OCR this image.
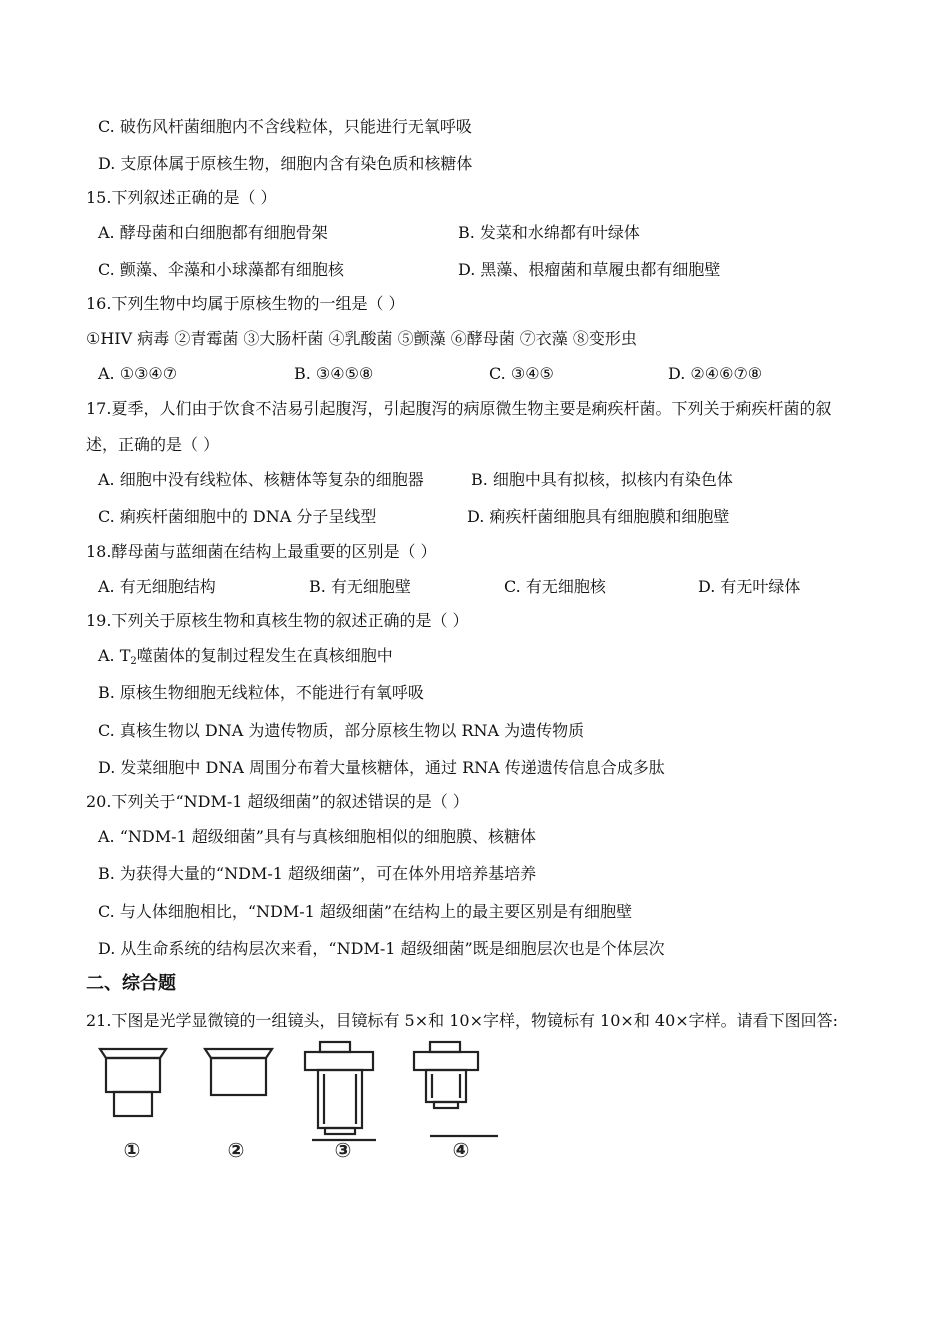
C. 破伤风杆菌细胞内不含线粒体，只能进行无氧呼吸
D. 支原体属于原核生物，细胞内含有染色质和核糖体
15.下列叙述正确的是（ ）
A. 酵母菌和白细胞都有细胞骨架	B. 发菜和水绵都有叶绿体
C. 颤藻、伞藻和小球藻都有细胞核	D. 黑藻、根瘤菌和草履虫都有细胞壁
16.下列生物中均属于原核生物的一组是（ ）
①HIV 病毒 ②青霉菌 ③大肠杆菌 ④乳酸菌 ⑤颤藻 ⑥酵母菌 ⑦衣藻 ⑧变形虫
A. ①③④⑦	B. ③④⑤⑧	C. ③④⑤	D. ②④⑥⑦⑧
17.夏季，人们由于饮食不洁易引起腹泻，引起腹泻的病原微生物主要是痢疾杆菌。下列关于痢疾杆菌的叙
述，正确的是（ ）
A. 细胞中没有线粒体、核糖体等复杂的细胞器	B. 细胞中具有拟核，拟核内有染色体
C. 痢疾杆菌细胞中的 DNA 分子呈线型	D. 痢疾杆菌细胞具有细胞膜和细胞壁
18.酵母菌与蓝细菌在结构上最重要的区别是（ ）
A. 有无细胞结构	B. 有无细胞壁	C. 有无细胞核	D. 有无叶绿体
19.下列关于原核生物和真核生物的叙述正确的是（ ）
A. $T_2$噬菌体的复制过程发生在真核细胞中
B. 原核生物细胞无线粒体，不能进行有氧呼吸
C. 真核生物以 DNA 为遗传物质，部分原核生物以 RNA 为遗传物质
D. 发菜细胞中 DNA 周围分布着大量核糖体，通过 RNA 传递遗传信息合成多肽
20.下列关于“NDM-1 超级细菌”的叙述错误的是（ ）
A. “NDM-1 超级细菌”具有与真核细胞相似的细胞膜、核糖体
B. 为获得大量的“NDM-1 超级细菌”，可在体外用培养基培养
C. 与人体细胞相比，“NDM-1 超级细菌”在结构上的最主要区别是有细胞壁
D. 从生命系统的结构层次来看，“NDM-1 超级细菌”既是细胞层次也是个体层次
二、综合题
21.下图是光学显微镜的一组镜头，目镜标有 5×和 10×字样，物镜标有 10×和 40×字样。请看下图回答:
①	②	③	④
